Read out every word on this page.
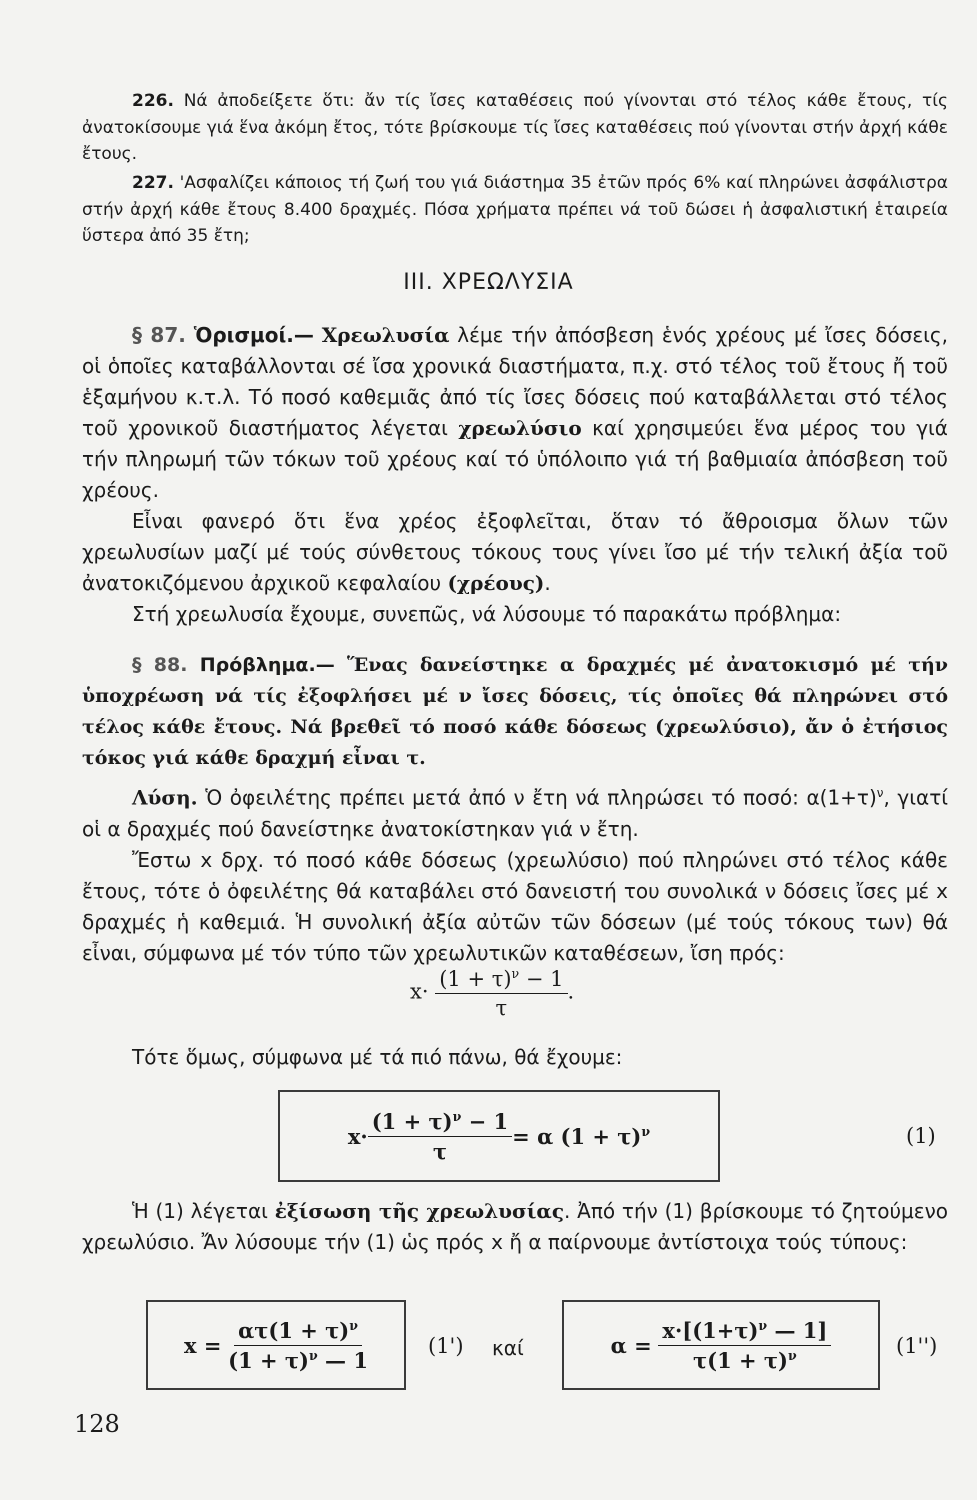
226. Νά ἀποδείξετε ὅτι: ἄν τίς ἴσες καταθέσεις πού γίνονται στό τέλος κάθε ἔτους, τίς ἀνατοκίσουμε γιά ἕνα ἀκόμη ἔτος, τότε βρίσκουμε τίς ἴσες καταθέσεις πού γίνονται στήν ἀρχή κάθε ἔτους.

227. 'Ασφαλίζει κάποιος τή ζωή του γιά διάστημα 35 ἐτῶν πρός 6% καί πληρώνει ἀσφάλιστρα στήν ἀρχή κάθε ἔτους 8.400 δραχμές. Πόσα χρήματα πρέπει νά τοῦ δώσει ἡ ἀσφαλιστική ἑταιρεία ὕστερα ἀπό 35 ἔτη;

III. ΧΡΕΩΛΥΣΙΑ

§ 87. Ὁρισμοί.— Χρεωλυσία λέμε τήν ἀπόσβεση ἑνός χρέους μέ ἴσες δόσεις, οἱ ὁποῖες καταβάλλονται σέ ἴσα χρονικά διαστήματα, π.χ. στό τέλος τοῦ ἔτους ἤ τοῦ ἑξαμήνου κ.τ.λ. Τό ποσό καθεμιᾶς ἀπό τίς ἴσες δόσεις πού καταβάλλεται στό τέλος τοῦ χρονικοῦ διαστήματος λέγεται χρεωλύσιο καί χρησιμεύει ἕνα μέρος του γιά τήν πληρωμή τῶν τόκων τοῦ χρέους καί τό ὑπόλοιπο γιά τή βαθμιαία ἀπόσβεση τοῦ χρέους.

Εἶναι φανερό ὅτι ἕνα χρέος ἐξοφλεῖται, ὅταν τό ἄθροισμα ὅλων τῶν χρεωλυσίων μαζί μέ τούς σύνθετους τόκους τους γίνει ἴσο μέ τήν τελική ἀξία τοῦ ἀνατοκιζόμενου ἀρχικοῦ κεφαλαίου (χρέους).

Στή χρεωλυσία ἔχουμε, συνεπῶς, νά λύσουμε τό παρακάτω πρόβλημα:

§ 88. Πρόβλημα.— Ἕνας δανείστηκε α δραχμές μέ ἀνατοκισμό μέ τήν ὑποχρέωση νά τίς ἐξοφλήσει μέ ν ἴσες δόσεις, τίς ὁποῖες θά πληρώνει στό τέλος κάθε ἔτους. Νά βρεθεῖ τό ποσό κάθε δόσεως (χρεωλύσιο), ἄν ὁ ἐτήσιος τόκος γιά κάθε δραχμή εἶναι τ.

Λύση. Ὁ ὀφειλέτης πρέπει μετά ἀπό ν ἔτη νά πληρώσει τό ποσό: $\alpha(1+\tau)^\nu$, γιατί οἱ α δραχμές πού δανείστηκε ἀνατοκίστηκαν γιά ν ἔτη.

Ἔστω x δρχ. τό ποσό κάθε δόσεως (χρεωλύσιο) πού πληρώνει στό τέλος κάθε ἔτους, τότε ὁ ὀφειλέτης θά καταβάλει στό δανειστή του συνολικά ν δόσεις ἴσες μέ x δραχμές ἡ καθεμιά. Ἡ συνολική ἀξία αὐτῶν τῶν δόσεων (μέ τούς τόκους των) θά εἶναι, σύμφωνα μέ τόν τύπο τῶν χρεωλυτικῶν καταθέσεων, ἴση πρός:

$x\cdot \frac{(1 + \tau)^\nu - 1}{\tau}$ .

Τότε ὅμως, σύμφωνα μέ τά πιό πάνω, θά ἔχουμε:

$x\cdot \frac{(1 + \tau)^\nu - 1}{\tau} = \alpha$ $(1 + \tau)^\nu$	(1)

Ἡ (1) λέγεται ἐξίσωση τῆς χρεωλυσίας. Ἀπό τήν (1) βρίσκουμε τό ζητούμενο χρεωλύσιο. Ἄν λύσουμε τήν (1) ὡς πρός x ἤ α παίρνουμε ἀντίστοιχα τούς τύπους:

x =
$\frac{\alpha\tau(1 + \tau)^\nu}{(1 + \tau)^\nu — 1}$	(1') καί	α =
$\frac{x\cdot[(1+\tau)^\nu — 1]}{\tau(1 + \tau)^\nu}$	(1'')
128
